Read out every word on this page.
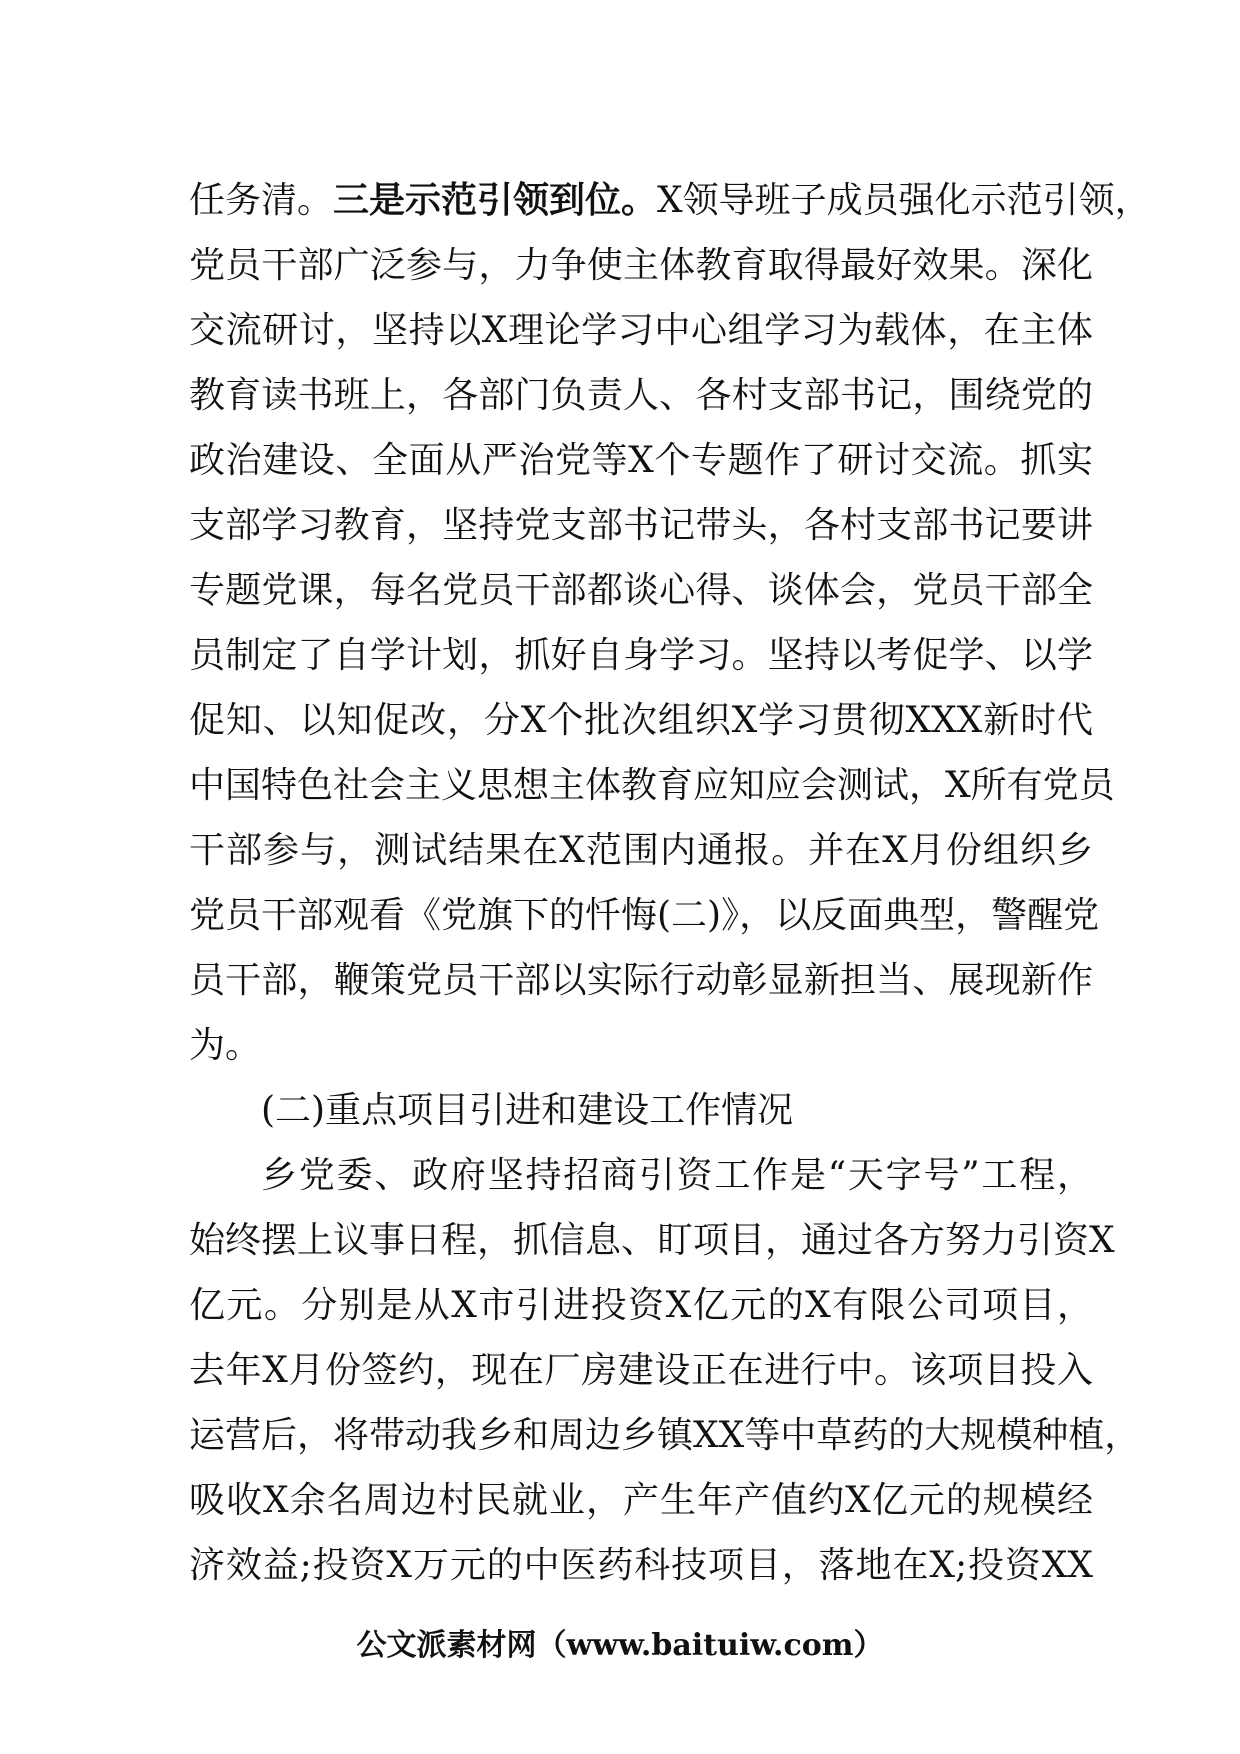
任务清。三是示范引领到位。X领导班子成员强化示范引领，
党员干部广泛参与，力争使主体教育取得最好效果。深化
交流研讨，坚持以X理论学习中心组学习为载体，在主体
教育读书班上，各部门负责人、各村支部书记，围绕党的
政治建设、全面从严治党等X个专题作了研讨交流。抓实
支部学习教育，坚持党支部书记带头，各村支部书记要讲
专题党课，每名党员干部都谈心得、谈体会，党员干部全
员制定了自学计划，抓好自身学习。坚持以考促学、以学
促知、以知促改，分X个批次组织X学习贯彻XXX新时代
中国特色社会主义思想主体教育应知应会测试，X所有党员
干部参与，测试结果在X范围内通报。并在X月份组织乡
党员干部观看《党旗下的忏悔(二)》，以反面典型，警醒党
员干部，鞭策党员干部以实际行动彰显新担当、展现新作
为。
(二)重点项目引进和建设工作情况
乡党委、政府坚持招商引资工作是“天字号”工程，
始终摆上议事日程，抓信息、盯项目，通过各方努力引资X
亿元。分别是从X市引进投资X亿元的X有限公司项目，
去年X月份签约，现在厂房建设正在进行中。该项目投入
运营后，将带动我乡和周边乡镇XX等中草药的大规模种植，
吸收X余名周边村民就业，产生年产值约X亿元的规模经
济效益;投资X万元的中医药科技项目，落地在X;投资XX
公文派素材网（www.baituiw.com）
